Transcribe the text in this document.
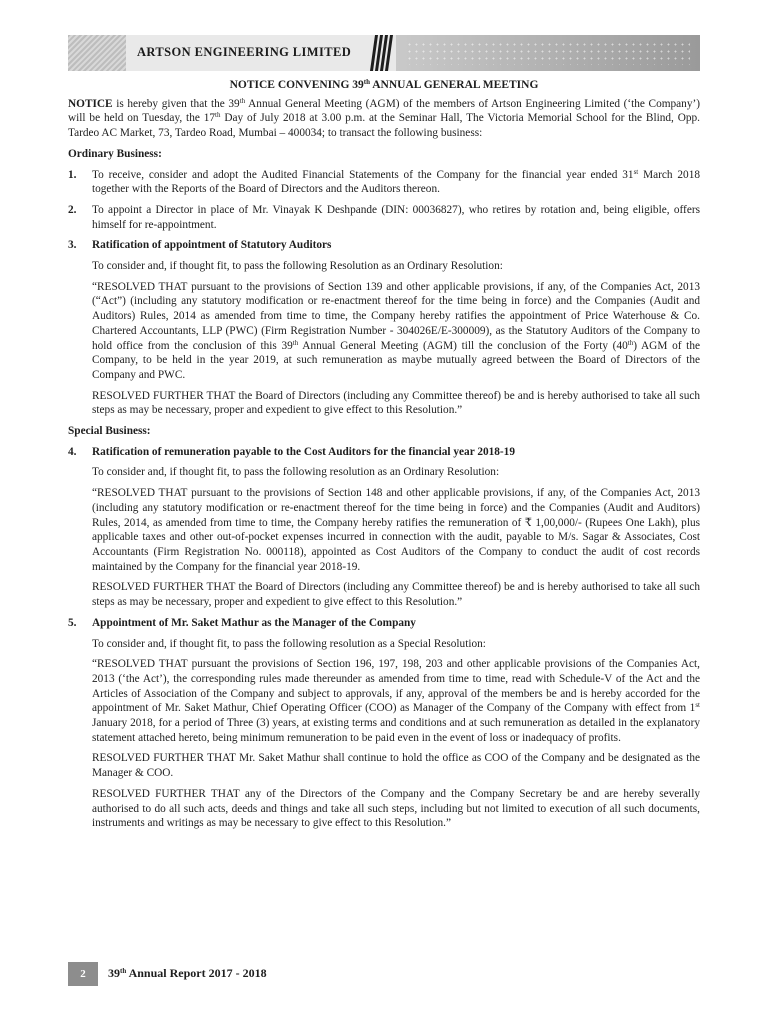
ARTSON ENGINEERING LIMITED

NOTICE CONVENING 39th ANNUAL GENERAL MEETING

NOTICE is hereby given that the 39th Annual General Meeting (AGM) of the members of Artson Engineering Limited (‘the Company’) will be held on Tuesday, the 17th Day of July 2018 at 3.00 p.m. at the Seminar Hall, The Victoria Memorial School for the Blind, Opp. Tardeo AC Market, 73, Tardeo Road, Mumbai – 400034; to transact the following business:

Ordinary Business:

1. To receive, consider and adopt the Audited Financial Statements of the Company for the financial year ended 31st March 2018 together with the Reports of the Board of Directors and the Auditors thereon.

2. To appoint a Director in place of Mr. Vinayak K Deshpande (DIN: 00036827), who retires by rotation and, being eligible, offers himself for re-appointment.

3. Ratification of appointment of Statutory Auditors

To consider and, if thought fit, to pass the following Resolution as an Ordinary Resolution:

“RESOLVED THAT pursuant to the provisions of Section 139 and other applicable provisions, if any, of the Companies Act, 2013 (“Act”) (including any statutory modification or re-enactment thereof for the time being in force) and the Companies (Audit and Auditors) Rules, 2014 as amended from time to time, the Company hereby ratifies the appointment of Price Waterhouse & Co. Chartered Accountants, LLP (PWC) (Firm Registration Number - 304026E/E-300009), as the Statutory Auditors of the Company to hold office from the conclusion of this 39th Annual General Meeting (AGM) till the conclusion of the Forty (40th) AGM of the Company, to be held in the year 2019, at such remuneration as maybe mutually agreed between the Board of Directors of the Company and PWC.

RESOLVED FURTHER THAT the Board of Directors (including any Committee thereof) be and is hereby authorised to take all such steps as may be necessary, proper and expedient to give effect to this Resolution.”

Special Business:

4. Ratification of remuneration payable to the Cost Auditors for the financial year 2018-19

To consider and, if thought fit, to pass the following resolution as an Ordinary Resolution:

“RESOLVED THAT pursuant to the provisions of Section 148 and other applicable provisions, if any, of the Companies Act, 2013 (including any statutory modification or re-enactment thereof for the time being in force) and the Companies (Audit and Auditors) Rules, 2014, as amended from time to time, the Company hereby ratifies the remuneration of ₹ 1,00,000/- (Rupees One Lakh), plus applicable taxes and other out-of-pocket expenses incurred in connection with the audit, payable to M/s. Sagar & Associates, Cost Accountants (Firm Registration No. 000118), appointed as Cost Auditors of the Company to conduct the audit of cost records maintained by the Company for the financial year 2018-19.

RESOLVED FURTHER THAT the Board of Directors (including any Committee thereof) be and is hereby authorised to take all such steps as may be necessary, proper and expedient to give effect to this Resolution.”

5. Appointment of Mr. Saket Mathur as the Manager of the Company

To consider and, if thought fit, to pass the following resolution as a Special Resolution:

“RESOLVED THAT pursuant the provisions of Section 196, 197, 198, 203 and other applicable provisions of the Companies Act, 2013 (‘the Act’), the corresponding rules made thereunder as amended from time to time, read with Schedule-V of the Act and the Articles of Association of the Company and subject to approvals, if any, approval of the members be and is hereby accorded for the appointment of Mr. Saket Mathur, Chief Operating Officer (COO) as Manager of the Company of the Company with effect from 1st January 2018, for a period of Three (3) years, at existing terms and conditions and at such remuneration as detailed in the explanatory statement attached hereto, being minimum remuneration to be paid even in the event of loss or inadequacy of profits.

RESOLVED FURTHER THAT Mr. Saket Mathur shall continue to hold the office as COO of the Company and be designated as the Manager & COO.

RESOLVED FURTHER THAT any of the Directors of the Company and the Company Secretary be and are hereby severally authorised to do all such acts, deeds and things and take all such steps, including but not limited to execution of all such documents, instruments and writings as may be necessary to give effect to this Resolution.”

2	39th Annual Report 2017 - 2018
